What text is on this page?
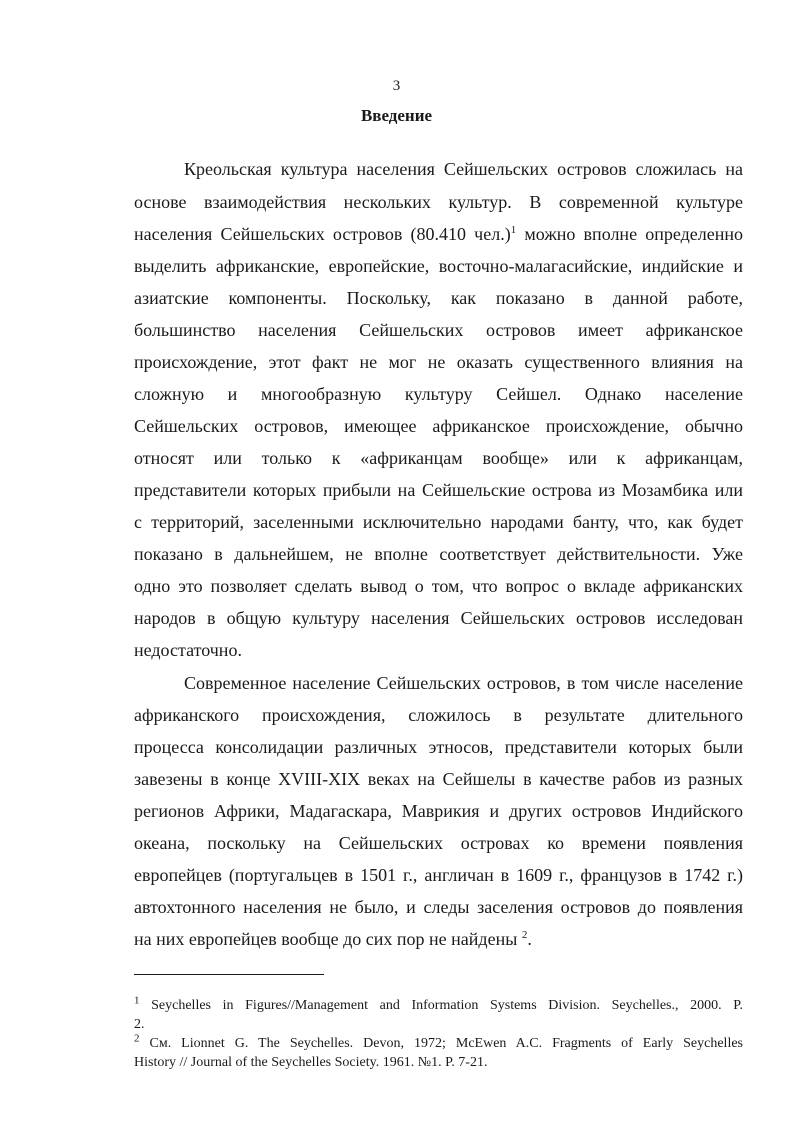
3
Введение
Креольская культура населения Сейшельских островов сложилась на
основе взаимодействия нескольких культур. В современной культуре
населения Сейшельских островов (80.410 чел.)$^1$ можно вполне определенно
выделить африканские, европейские, восточно-малагасийские, индийские и
азиатские компоненты. Поскольку, как показано в данной работе,
большинство населения Сейшельских островов имеет африканское
происхождение, этот факт не мог не оказать существенного влияния на
сложную и многообразную культуру Сейшел. Однако население
Сейшельских островов, имеющее африканское происхождение, обычно
относят или только к «африканцам вообще» или к африканцам,
представители которых прибыли на Сейшельские острова из Мозамбика или
с территорий, заселенными исключительно народами банту, что, как будет
показано в дальнейшем, не вполне соответствует действительности. Уже
одно это позволяет сделать вывод о том, что вопрос о вкладе африканских
народов в общую культуру населения Сейшельских островов исследован
недостаточно.
Современное население Сейшельских островов, в том числе население
африканского происхождения, сложилось в результате длительного
процесса консолидации различных этносов, представители которых были
завезены в конце XVIII-XIX веках на Сейшелы в качестве рабов из разных
регионов Африки, Мадагаскара, Маврикия и других островов Индийского
океана, поскольку на Сейшельских островах ко времени появления
европейцев (португальцев в 1501 г., англичан в 1609 г., французов в 1742 г.)
автохтонного населения не было, и следы заселения островов до появления
на них европейцев вообще до сих пор не найдены $^2$.
$^1$ Seychelles in Figures//Management and Information Systems Division. Seychelles., 2000. P.
2.
$^2$ См. Lionnet G. The Seychelles. Devon, 1972; McEwen A.C. Fragments of Early Seychelles
History // Journal of the Seychelles Society. 1961. №1. P. 7-21.
